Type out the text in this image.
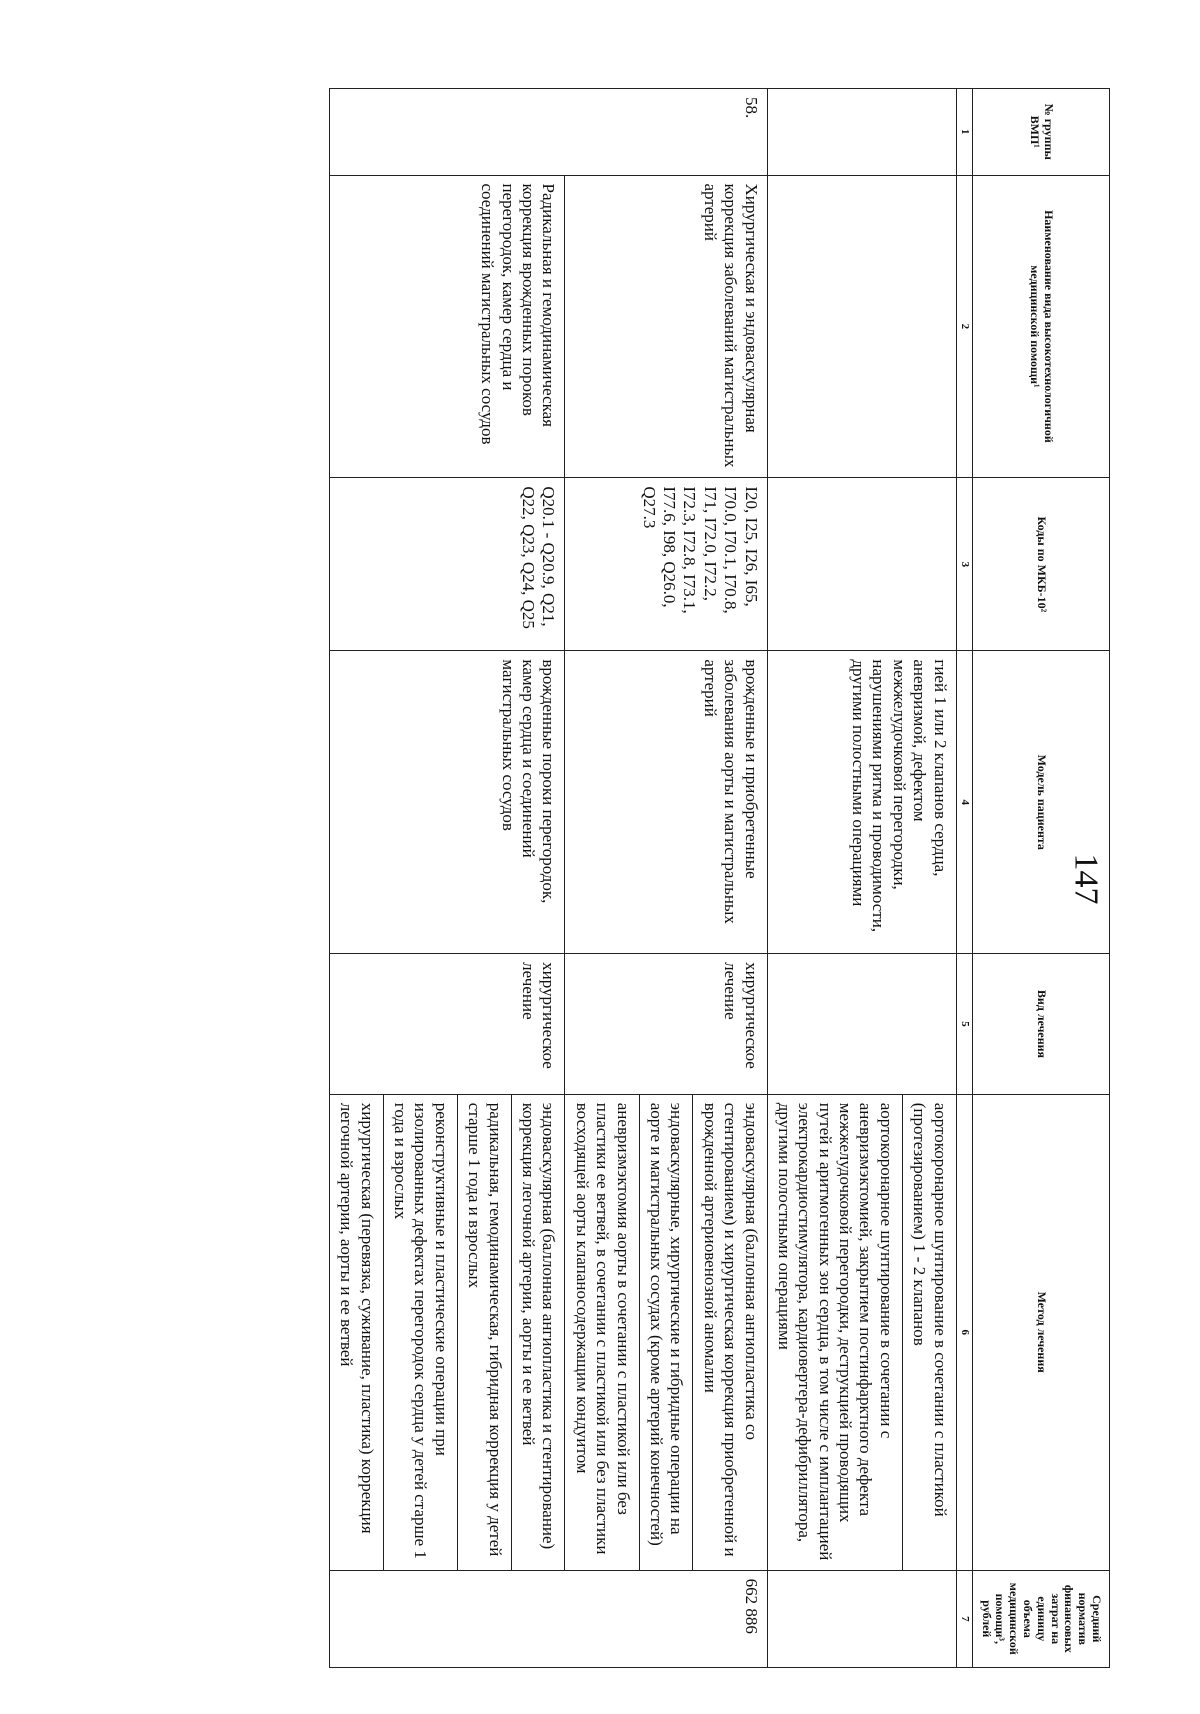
147
№ группы ВМП¹	Наименование вида высокотехнологичной медицинской помощи¹	Коды по МКБ-10²	Модель пациента	Вид лечения	Метод лечения	Средний норматив финансовых затрат на единицу объема медицинской помощи³, рублей
1	2	3	4	5	6	7
			гией 1 или 2 клапанов сердца, аневризмой, дефектом межжелудочковой перегородки, нарушениями ритма и проводимости, другими полостными операциями		аортокоронарное шунтирование в сочетании с пластикой (протезированием) 1 - 2 клапанов	
					аортокоронарное шунтирование в сочетании с аневризмэктомией, закрытием постинфарктного дефекта межжелудочковой перегородки, деструкцией проводящих путей и аритмогенных зон сердца, в том числе с имплантацией электрокардиостимулятора, кардиовертера-дефибриллятора, другими полостными операциями	
58.	Хирургическая и эндоваскулярная коррекция заболеваний магистральных артерий	I20, I25, I26, I65, I70.0, I70.1, I70.8, I71, I72.0, I72.2, I72.3, I72.8, I73.1, I77.6, I98, Q26.0, Q27.3	врожденные и приобретенные заболевания аорты и магистральных артерий	хирургическое лечение	эндоваскулярная (баллонная ангиопластика со стентированием) и хирургическая коррекция приобретенной и врожденной артериовенозной аномалии	662 886
					эндоваскулярные, хирургические и гибридные операции на аорте и магистральных сосудах (кроме артерий конечностей)	
					аневризмэктомия аорты в сочетании с пластикой или без пластики ее ветвей, в сочетании с пластикой или без пластики восходящей аорты клапаносодержащим кондуитом	
	Радикальная и гемодинамическая коррекция врожденных пороков перегородок, камер сердца и соединений магистральных сосудов	Q20.1 - Q20.9, Q21, Q22, Q23, Q24, Q25	врожденные пороки перегородок, камер сердца и соединений магистральных сосудов	хирургическое лечение	эндоваскулярная (баллонная ангиопластика и стентирование) коррекция легочной артерии, аорты и ее ветвей	
					радикальная, гемодинамическая, гибридная коррекция у детей старше 1 года и взрослых	
					реконструктивные и пластические операции при изолированных дефектах перегородок сердца у детей старше 1 года и взрослых	
					хирургическая (перевязка, суживание, пластика) коррекция легочной артерии, аорты и ее ветвей	
